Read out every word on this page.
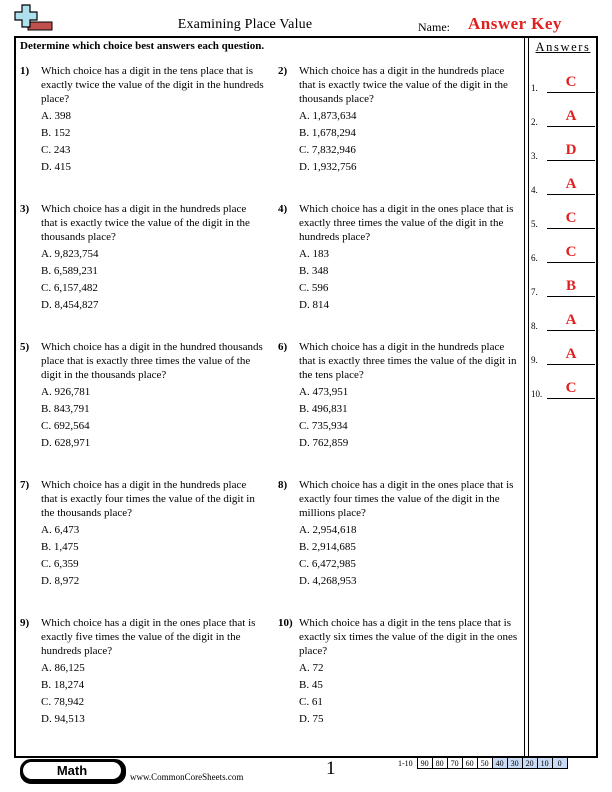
Examining Place Value	Name: Answer Key
Determine which choice best answers each question.	Answers
1) Which choice has a digit in the tens place that is exactly twice the value of the digit in the hundreds place?
A. 398
B. 152
C. 243
D. 415
2) Which choice has a digit in the hundreds place that is exactly twice the value of the digit in the thousands place?
A. 1,873,634
B. 1,678,294
C. 7,832,946
D. 1,932,756
3) Which choice has a digit in the hundreds place that is exactly twice the value of the digit in the thousands place?
A. 9,823,754
B. 6,589,231
C. 6,157,482
D. 8,454,827
4) Which choice has a digit in the ones place that is exactly three times the value of the digit in the hundreds place?
A. 183
B. 348
C. 596
D. 814
5) Which choice has a digit in the hundred thousands place that is exactly three times the value of the digit in the thousands place?
A. 926,781
B. 843,791
C. 692,564
D. 628,971
6) Which choice has a digit in the hundreds place that is exactly three times the value of the digit in the tens place?
A. 473,951
B. 496,831
C. 735,934
D. 762,859
7) Which choice has a digit in the hundreds place that is exactly four times the value of the digit in the thousands place?
A. 6,473
B. 1,475
C. 6,359
D. 8,972
8) Which choice has a digit in the ones place that is exactly four times the value of the digit in the millions place?
A. 2,954,618
B. 2,914,685
C. 6,472,985
D. 4,268,953
9) Which choice has a digit in the ones place that is exactly five times the value of the digit in the hundreds place?
A. 86,125
B. 18,274
C. 78,942
D. 94,513
10) Which choice has a digit in the tens place that is exactly six times the value of the digit in the ones place?
A. 72
B. 45
C. 61
D. 75
1.	C
2.	A
3.	D
4.	A
5.	C
6.	C
7.	B
8.	A
9.	A
10.	C
Math	www.CommonCoreSheets.com	1	1-10	90	80	70	60	50	40	30	20	10	0
